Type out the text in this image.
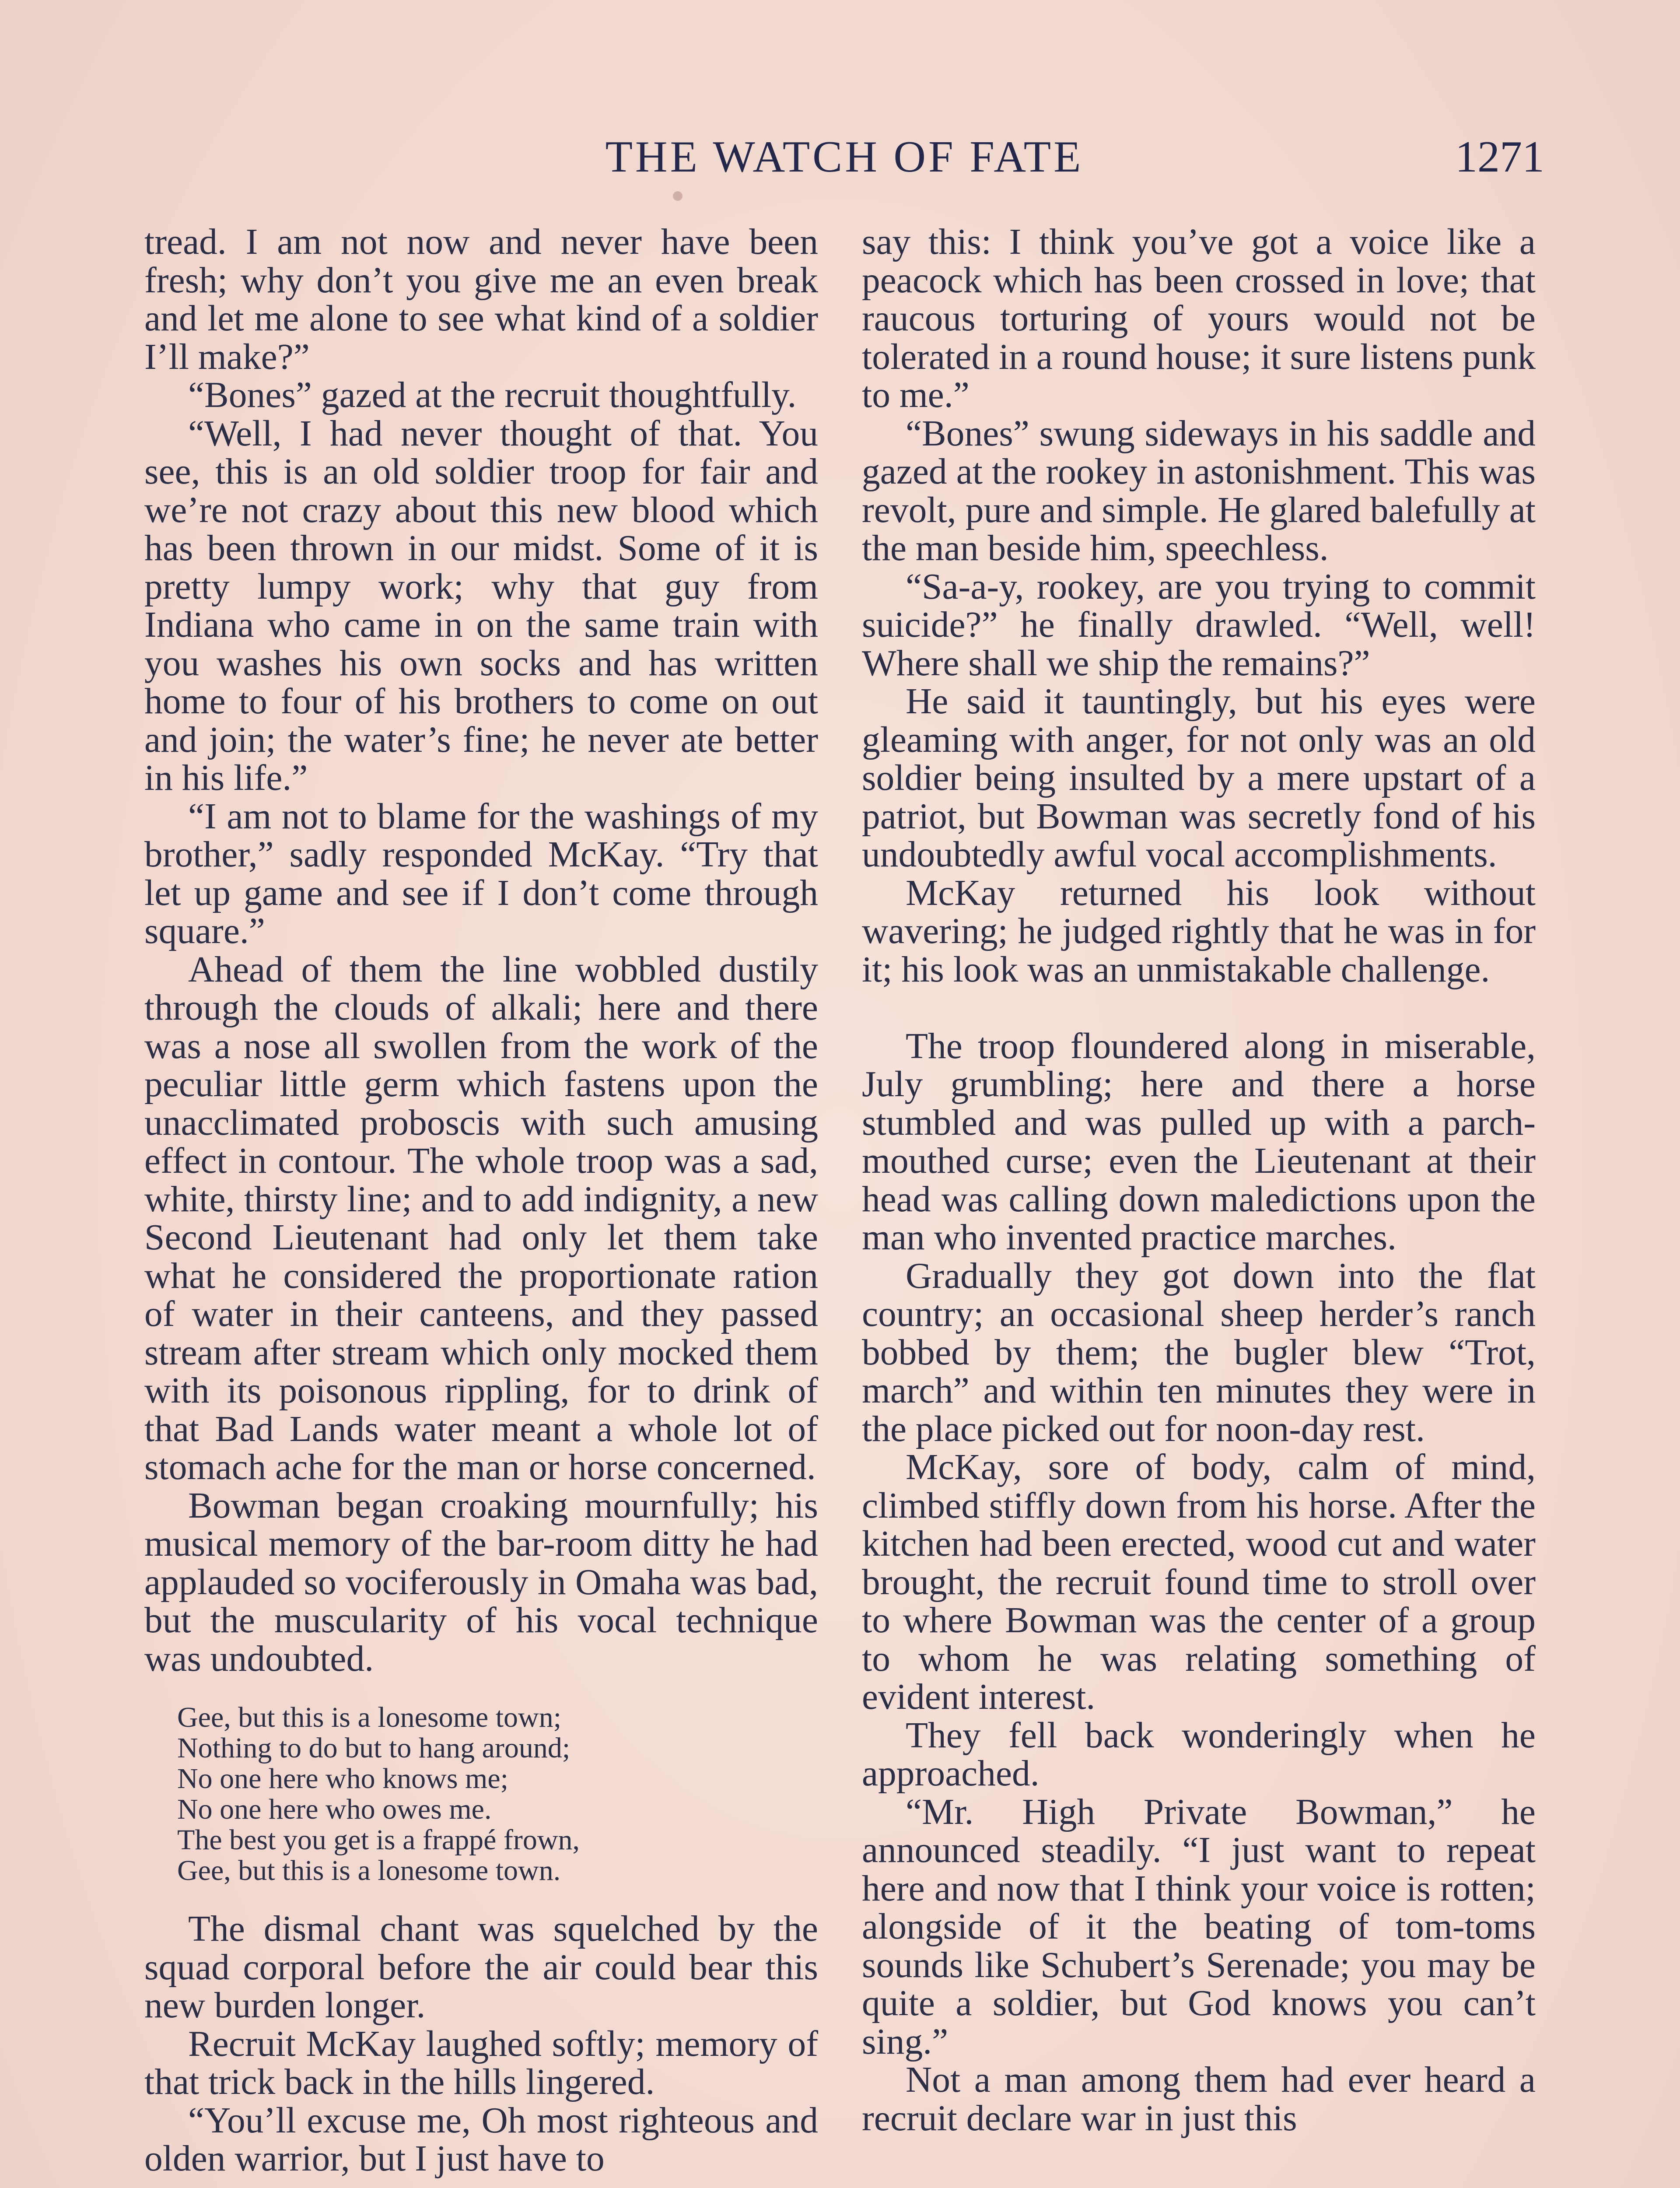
THE WATCH OF FATE	1271

tread. I am not now and never have been fresh; why don’t you give me an even break and let me alone to see what kind of a soldier I’ll make?”

“Bones” gazed at the recruit thoughtfully.

“Well, I had never thought of that. You see, this is an old soldier troop for fair and we’re not crazy about this new blood which has been thrown in our midst. Some of it is pretty lumpy work; why that guy from Indiana who came in on the same train with you washes his own socks and has written home to four of his brothers to come on out and join; the water’s fine; he never ate better in his life.”

“I am not to blame for the washings of my brother,” sadly responded McKay. “Try that let up game and see if I don’t come through square.”

Ahead of them the line wobbled dustily through the clouds of alkali; here and there was a nose all swollen from the work of the peculiar little germ which fastens upon the unacclimated proboscis with such amusing effect in contour. The whole troop was a sad, white, thirsty line; and to add indignity, a new Second Lieutenant had only let them take what he considered the proportionate ration of water in their canteens, and they passed stream after stream which only mocked them with its poisonous rippling, for to drink of that Bad Lands water meant a whole lot of stomach ache for the man or horse concerned.

Bowman began croaking mournfully; his musical memory of the bar-room ditty he had applauded so vociferously in Omaha was bad, but the muscularity of his vocal technique was undoubted.

Gee, but this is a lonesome town;
Nothing to do but to hang around;
No one here who knows me;
No one here who owes me.
The best you get is a frappé frown,
Gee, but this is a lonesome town.

The dismal chant was squelched by the squad corporal before the air could bear this new burden longer.

Recruit McKay laughed softly; memory of that trick back in the hills lingered.

“You’ll excuse me, Oh most righteous and olden warrior, but I just have to

say this: I think you’ve got a voice like a peacock which has been crossed in love; that raucous torturing of yours would not be tolerated in a round house; it sure listens punk to me.”

“Bones” swung sideways in his saddle and gazed at the rookey in astonishment. This was revolt, pure and simple. He glared balefully at the man beside him, speechless.

“Sa-a-y, rookey, are you trying to commit suicide?” he finally drawled. “Well, well! Where shall we ship the remains?”

He said it tauntingly, but his eyes were gleaming with anger, for not only was an old soldier being insulted by a mere upstart of a patriot, but Bowman was secretly fond of his undoubtedly awful vocal accomplishments.

McKay returned his look without wavering; he judged rightly that he was in for it; his look was an unmistakable challenge.

The troop floundered along in miserable, July grumbling; here and there a horse stumbled and was pulled up with a parch-mouthed curse; even the Lieutenant at their head was calling down maledictions upon the man who invented practice marches.

Gradually they got down into the flat country; an occasional sheep herder’s ranch bobbed by them; the bugler blew “Trot, march” and within ten minutes they were in the place picked out for noon-day rest.

McKay, sore of body, calm of mind, climbed stiffly down from his horse. After the kitchen had been erected, wood cut and water brought, the recruit found time to stroll over to where Bowman was the center of a group to whom he was relating something of evident interest.

They fell back wonderingly when he approached.

“Mr. High Private Bowman,” he announced steadily. “I just want to repeat here and now that I think your voice is rotten; alongside of it the beating of tom-toms sounds like Schubert’s Serenade; you may be quite a soldier, but God knows you can’t sing.”

Not a man among them had ever heard a recruit declare war in just this
